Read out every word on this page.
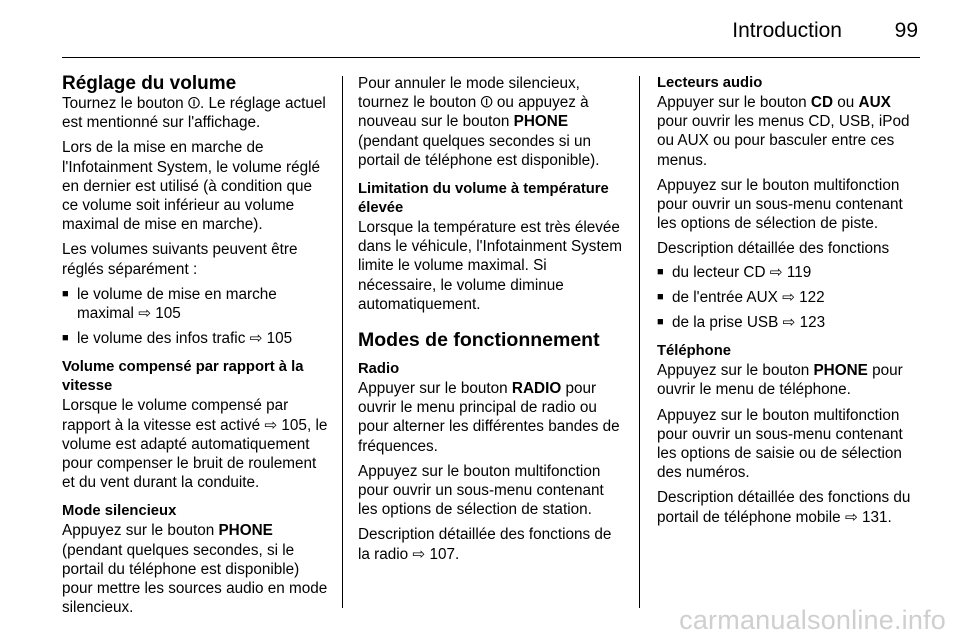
Introduction	99
Réglage du volume

Tournez le bouton ⏼. Le réglage actuel est mentionné sur l'affichage.

Lors de la mise en marche de l'Infotainment System, le volume réglé en dernier est utilisé (à condition que ce volume soit inférieur au volume maximal de mise en marche).

Les volumes suivants peuvent être réglés séparément :

■ le volume de mise en marche maximal ⇨ 105
■ le volume des infos trafic ⇨ 105
Volume compensé par rapport à la vitesse

Lorsque le volume compensé par rapport à la vitesse est activé ⇨ 105, le volume est adapté automatiquement pour compenser le bruit de roulement et du vent durant la conduite.

Mode silencieux

Appuyez sur le bouton PHONE (pendant quelques secondes, si le portail du téléphone est disponible) pour mettre les sources audio en mode silencieux.

Pour annuler le mode silencieux, tournez le bouton ⏼ ou appuyez à nouveau sur le bouton PHONE (pendant quelques secondes si un portail de téléphone est disponible).

Limitation du volume à température élevée

Lorsque la température est très élevée dans le véhicule, l'Infotainment System limite le volume maximal. Si nécessaire, le volume diminue automatiquement.

Modes de fonctionnement
Radio

Appuyer sur le bouton RADIO pour ouvrir le menu principal de radio ou pour alterner les différentes bandes de fréquences.

Appuyez sur le bouton multifonction pour ouvrir un sous-menu contenant les options de sélection de station.

Description détaillée des fonctions de la radio ⇨ 107.

Lecteurs audio

Appuyer sur le bouton CD ou AUX pour ouvrir les menus CD, USB, iPod ou AUX ou pour basculer entre ces menus.

Appuyez sur le bouton multifonction pour ouvrir un sous-menu contenant les options de sélection de piste.

Description détaillée des fonctions

■ du lecteur CD ⇨ 119
■ de l'entrée AUX ⇨ 122
■ de la prise USB ⇨ 123
Téléphone

Appuyez sur le bouton PHONE pour ouvrir le menu de téléphone.

Appuyez sur le bouton multifonction pour ouvrir un sous-menu contenant les options de saisie ou de sélection des numéros.

Description détaillée des fonctions du portail de téléphone mobile ⇨ 131.

carmanualsonline.info
